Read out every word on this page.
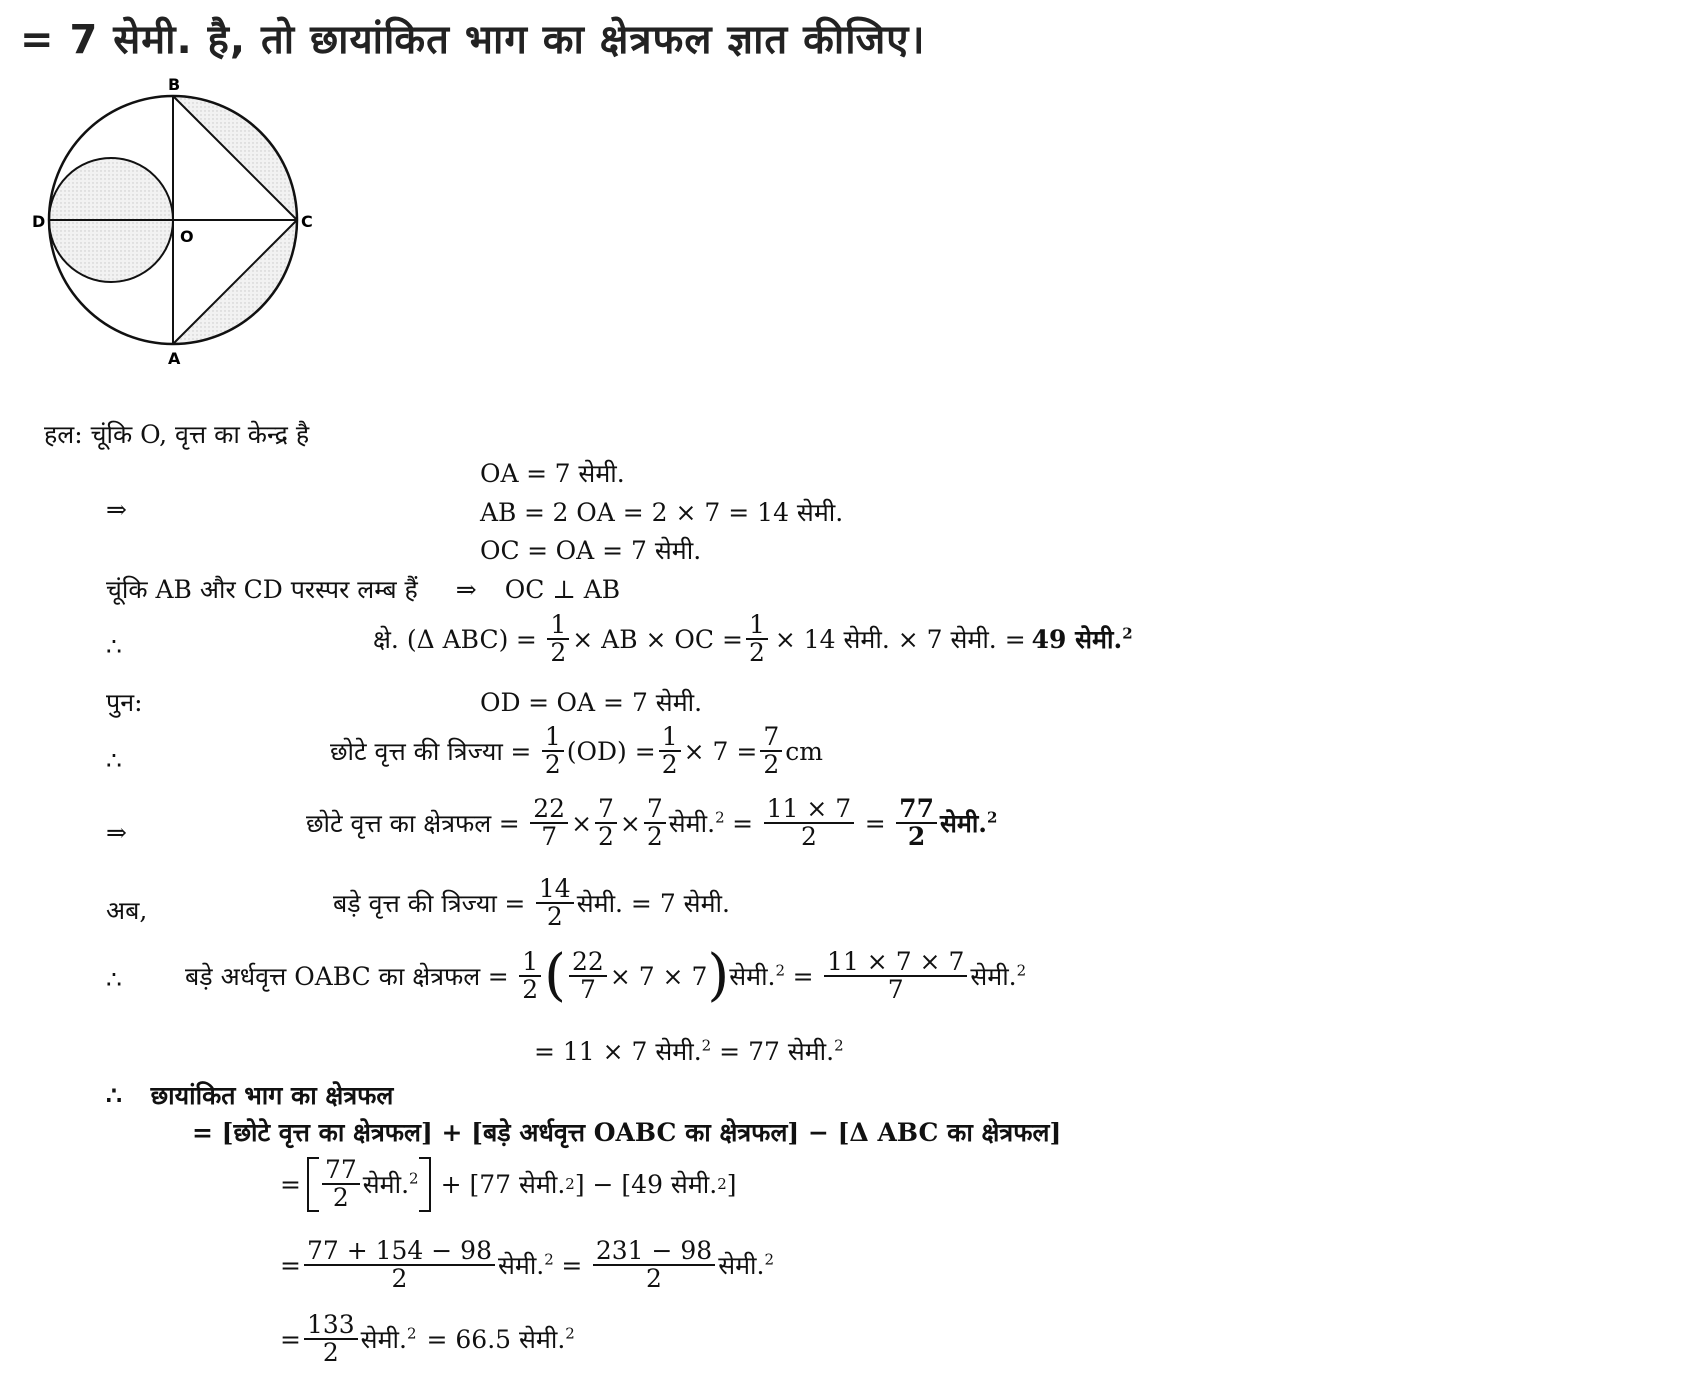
= 7 सेमी. है, तो छायांकित भाग का क्षेत्रफल ज्ञात कीजिए।
B
C
D
O
A
हल: चूंकि O, वृत्त का केन्द्र है
OA = 7 सेमी.
⇒	AB = 2 OA = 2 × 7 = 14 सेमी.
OC = OA = 7 सेमी.
चूंकि AB और CD परस्पर लम्ब हैं ⇒ OC ⊥ AB
∴	क्षे. (Δ $ABC) = \frac{1}{2}$ × AB × OC = $\frac{1}{2} \times 14$ सेमी. × 7 सेमी. = 49 सेमी.$^2$
पुन:	OD = OA = 7 सेमी.
∴	छोटे वृत्त की त्रिज्या = $\frac{1}{2} (OD) = \frac{1}{2} \times 7 = \frac{7}{2}$ cm
⇒	छोटे वृत्त का क्षेत्रफल = $\frac{22}{7} \times \frac{7}{2} \times \frac{7}{2}$ सेमी.$^2$ = $\frac{11 \times 7}{2} = \frac{77}{2}$ सेमी.$^2$
अब,	बड़े वृत्त की त्रिज्या = $\frac{14}{2}$ सेमी. = 7 सेमी.
∴	बड़े अर्धवृत्त OABC का क्षेत्रफल = $\frac{1}{2}$ ( $\frac{22}{7} \times 7 \times 7$ ) सेमी.$^2$ = $\frac{11 \times 7 \times 7}{7}$ सेमी.$^2$
= 11 × 7 सेमी.$^2$ = 77 सेमी.$^2$
∴ छायांकित भाग का क्षेत्रफल
= [छोटे वृत्त का क्षेत्रफल] + [बड़े अर्धवृत्त OABC का क्षेत्रफल] − [Δ ABC का क्षेत्रफल]
= $\frac{77}{2}$ सेमी.$^2$ + [77 सेमी. 2 ] − [49 सेमी. 2 ]
= $\frac{77 + 154 - 98}{2}$ सेमी.$^2$ = $\frac{231 - 98}{2}$ सेमी.$^2$
= $\frac{133}{2}$ सेमी.$^2$ = 66.5 सेमी.$^2$
